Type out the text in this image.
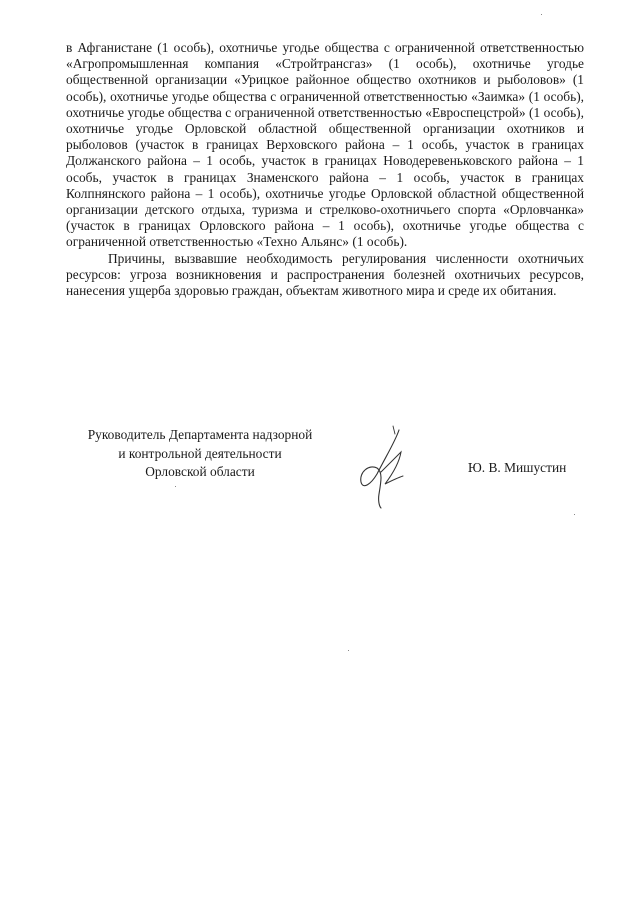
в Афганистане (1 особь), охотничье угодье общества с ограниченной ответственностью «Агропромышленная компания «Стройтрансгаз» (1 особь), охотничье угодье общественной организации «Урицкое районное общество охотников и рыболовов» (1 особь), охотничье угодье общества с ограниченной ответственностью «Заимка» (1 особь), охотничье угодье общества с ограниченной ответственностью «Евроспецстрой» (1 особь), охотничье угодье Орловской областной общественной организации охотников и рыболовов (участок в границах Верховского района – 1 особь, участок в границах Должанского района – 1 особь, участок в границах Новодеревеньковского района – 1 особь, участок в границах Знаменского района – 1 особь, участок в границах Колпнянского района – 1 особь), охотничье угодье Орловской областной общественной организации детского отдыха, туризма и стрелково-охотничьего спорта «Орловчанка» (участок в границах Орловского района – 1 особь), охотничье угодье общества с ограниченной ответственностью «Техно Альянс» (1 особь).

Причины, вызвавшие необходимость регулирования численности охотничьих ресурсов: угроза возникновения и распространения болезней охотничьих ресурсов, нанесения ущерба здоровью граждан, объектам животного мира и среде их обитания.

Руководитель Департамента надзорной
и контрольной деятельности
Орловской области	Ю. В. Мишустин
